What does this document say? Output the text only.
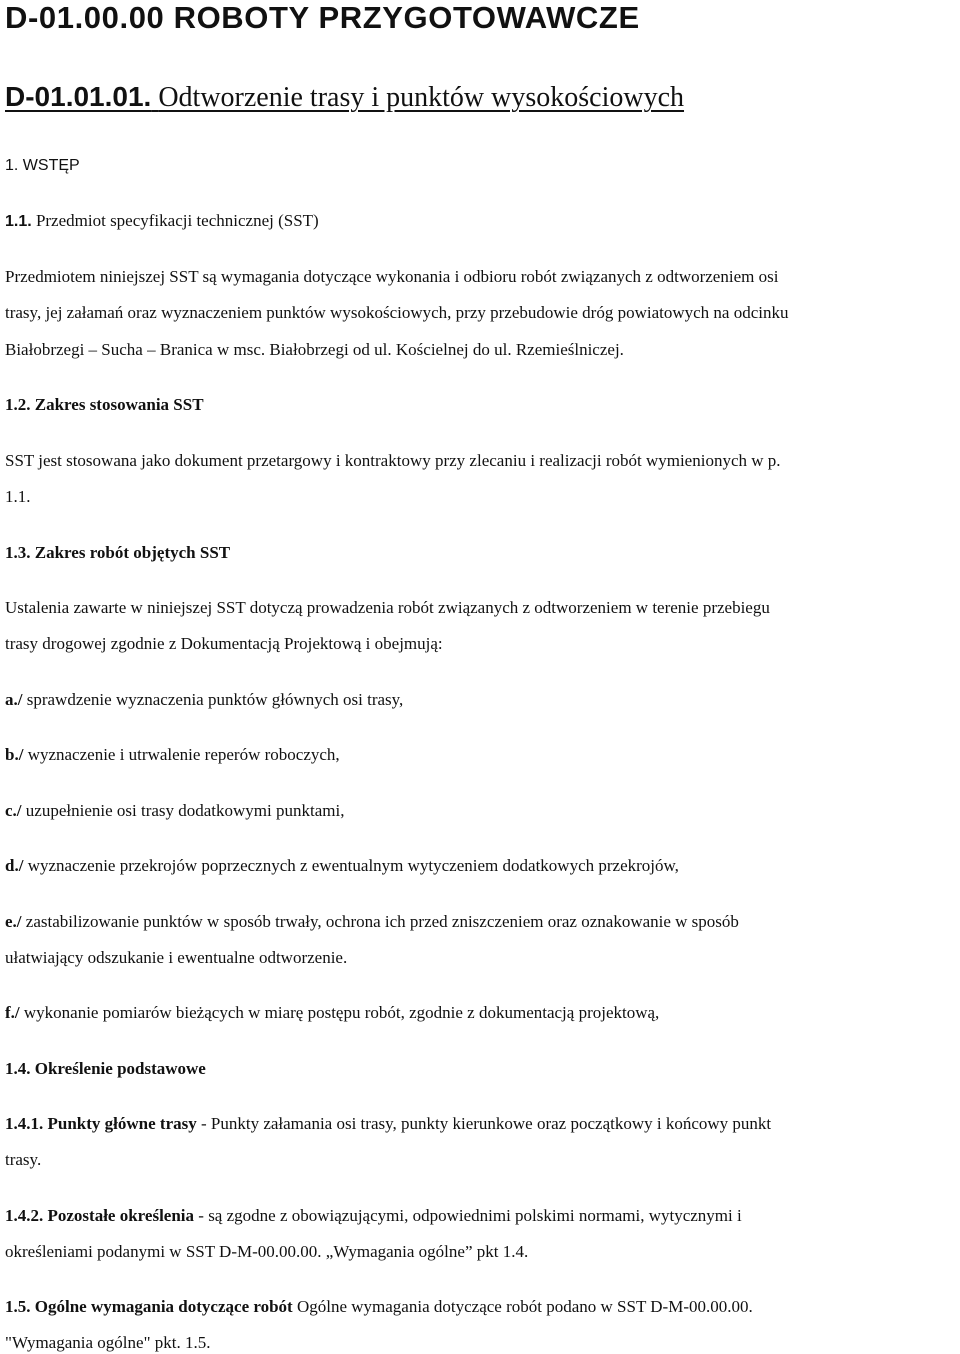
D-01.00.00 ROBOTY PRZYGOTOWAWCZE
D-01.01.01. Odtworzenie trasy i punktów wysokościowych

1. WSTĘP

1.1. Przedmiot specyfikacji technicznej (SST)

Przedmiotem niniejszej SST są wymagania dotyczące wykonania i odbioru robót związanych z odtworzeniem osi

trasy, jej załamań oraz wyznaczeniem punktów wysokościowych, przy przebudowie dróg powiatowych na odcinku

Białobrzegi – Sucha – Branica w msc. Białobrzegi od ul. Kościelnej do ul. Rzemieślniczej.

1.2. Zakres stosowania SST

SST jest stosowana jako dokument przetargowy i kontraktowy przy zlecaniu i realizacji robót wymienionych w p.

1.1.

1.3. Zakres robót objętych SST

Ustalenia zawarte w niniejszej SST dotyczą prowadzenia robót związanych z odtworzeniem w terenie przebiegu

trasy drogowej zgodnie z Dokumentacją Projektową i obejmują:

a./ sprawdzenie wyznaczenia punktów głównych osi trasy,

b./ wyznaczenie i utrwalenie reperów roboczych,

c./ uzupełnienie osi trasy dodatkowymi punktami,

d./ wyznaczenie przekrojów poprzecznych z ewentualnym wytyczeniem dodatkowych przekrojów,

e./ zastabilizowanie punktów w sposób trwały, ochrona ich przed zniszczeniem oraz oznakowanie w sposób

ułatwiający odszukanie i ewentualne odtworzenie.

f./ wykonanie pomiarów bieżących w miarę postępu robót, zgodnie z dokumentacją projektową,

1.4. Określenie podstawowe

1.4.1. Punkty główne trasy - Punkty załamania osi trasy, punkty kierunkowe oraz początkowy i końcowy punkt

trasy.

1.4.2. Pozostałe określenia - są zgodne z obowiązującymi, odpowiednimi polskimi normami, wytycznymi i

określeniami podanymi w SST D-M-00.00.00. „Wymagania ogólne” pkt 1.4.

1.5. Ogólne wymagania dotyczące robót Ogólne wymagania dotyczące robót podano w SST D-M-00.00.00.

"Wymagania ogólne" pkt. 1.5.
